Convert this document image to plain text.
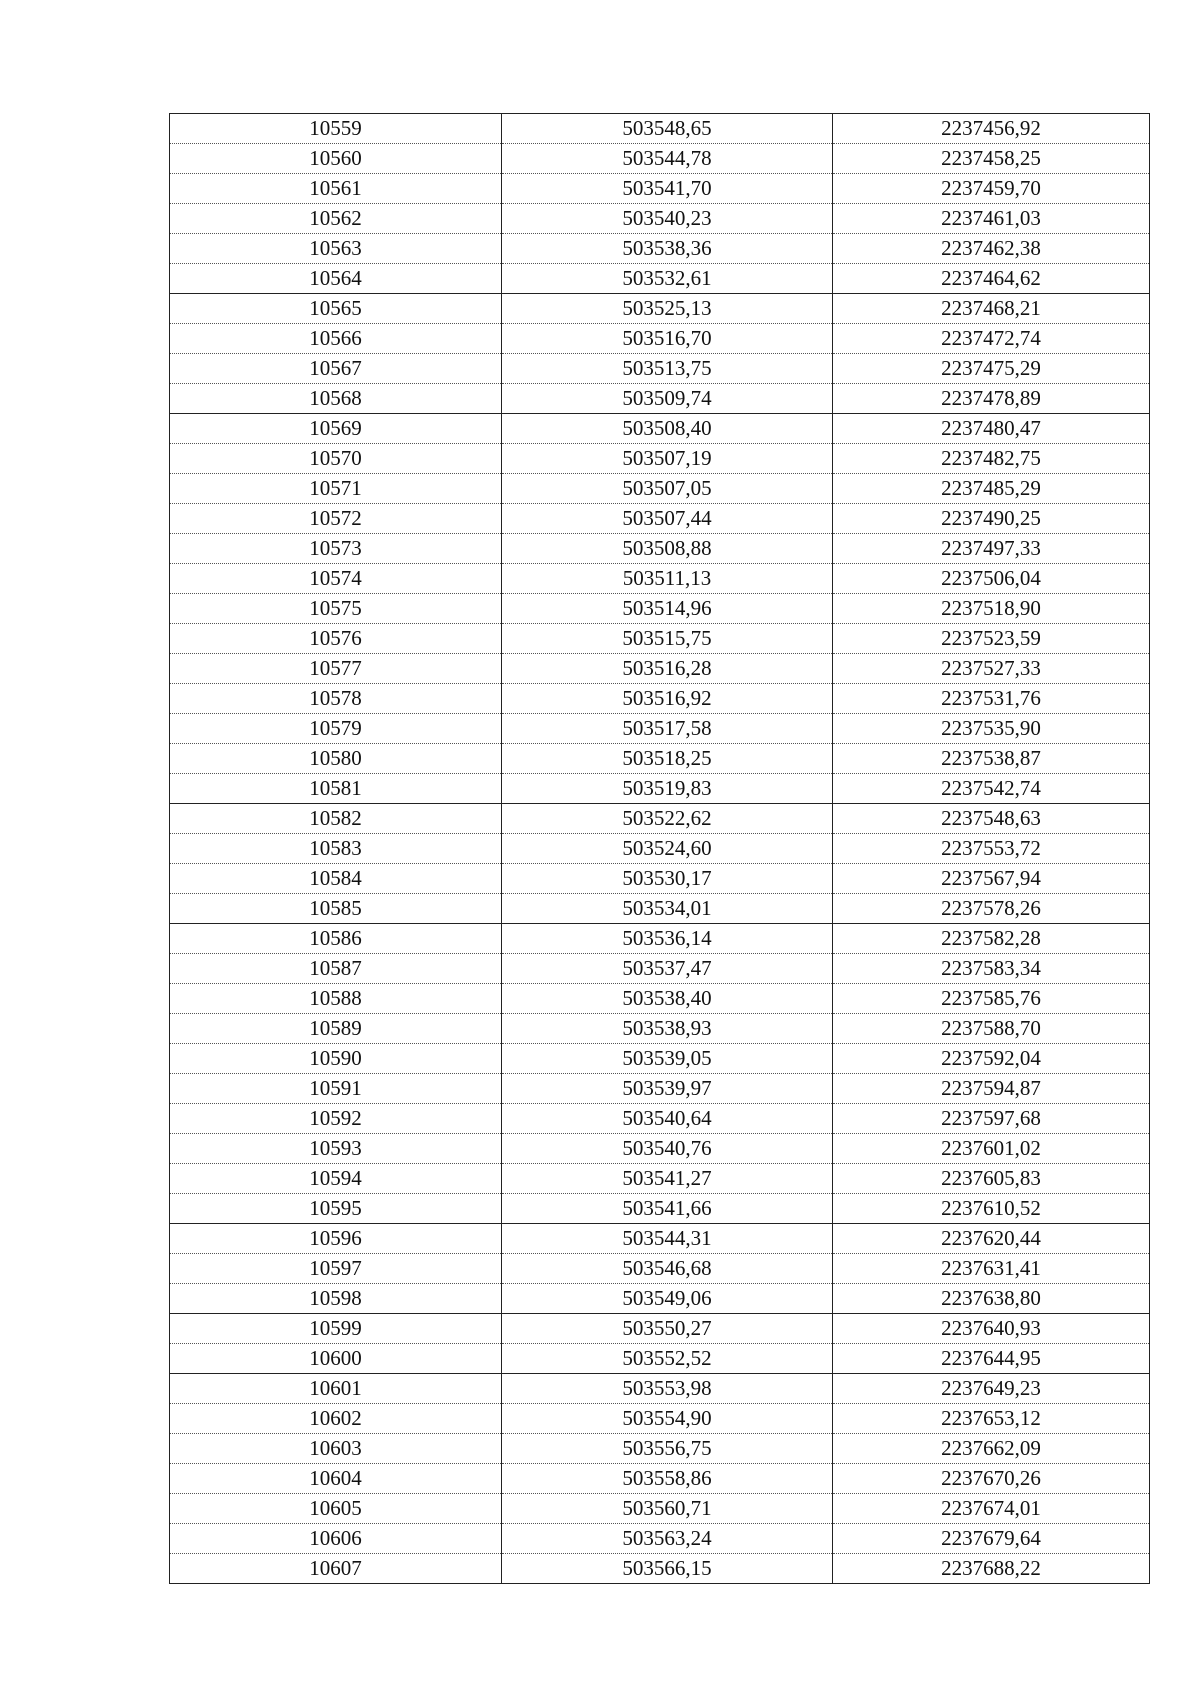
10559	503548,65	2237456,92
10560	503544,78	2237458,25
10561	503541,70	2237459,70
10562	503540,23	2237461,03
10563	503538,36	2237462,38
10564	503532,61	2237464,62
10565	503525,13	2237468,21
10566	503516,70	2237472,74
10567	503513,75	2237475,29
10568	503509,74	2237478,89
10569	503508,40	2237480,47
10570	503507,19	2237482,75
10571	503507,05	2237485,29
10572	503507,44	2237490,25
10573	503508,88	2237497,33
10574	503511,13	2237506,04
10575	503514,96	2237518,90
10576	503515,75	2237523,59
10577	503516,28	2237527,33
10578	503516,92	2237531,76
10579	503517,58	2237535,90
10580	503518,25	2237538,87
10581	503519,83	2237542,74
10582	503522,62	2237548,63
10583	503524,60	2237553,72
10584	503530,17	2237567,94
10585	503534,01	2237578,26
10586	503536,14	2237582,28
10587	503537,47	2237583,34
10588	503538,40	2237585,76
10589	503538,93	2237588,70
10590	503539,05	2237592,04
10591	503539,97	2237594,87
10592	503540,64	2237597,68
10593	503540,76	2237601,02
10594	503541,27	2237605,83
10595	503541,66	2237610,52
10596	503544,31	2237620,44
10597	503546,68	2237631,41
10598	503549,06	2237638,80
10599	503550,27	2237640,93
10600	503552,52	2237644,95
10601	503553,98	2237649,23
10602	503554,90	2237653,12
10603	503556,75	2237662,09
10604	503558,86	2237670,26
10605	503560,71	2237674,01
10606	503563,24	2237679,64
10607	503566,15	2237688,22
